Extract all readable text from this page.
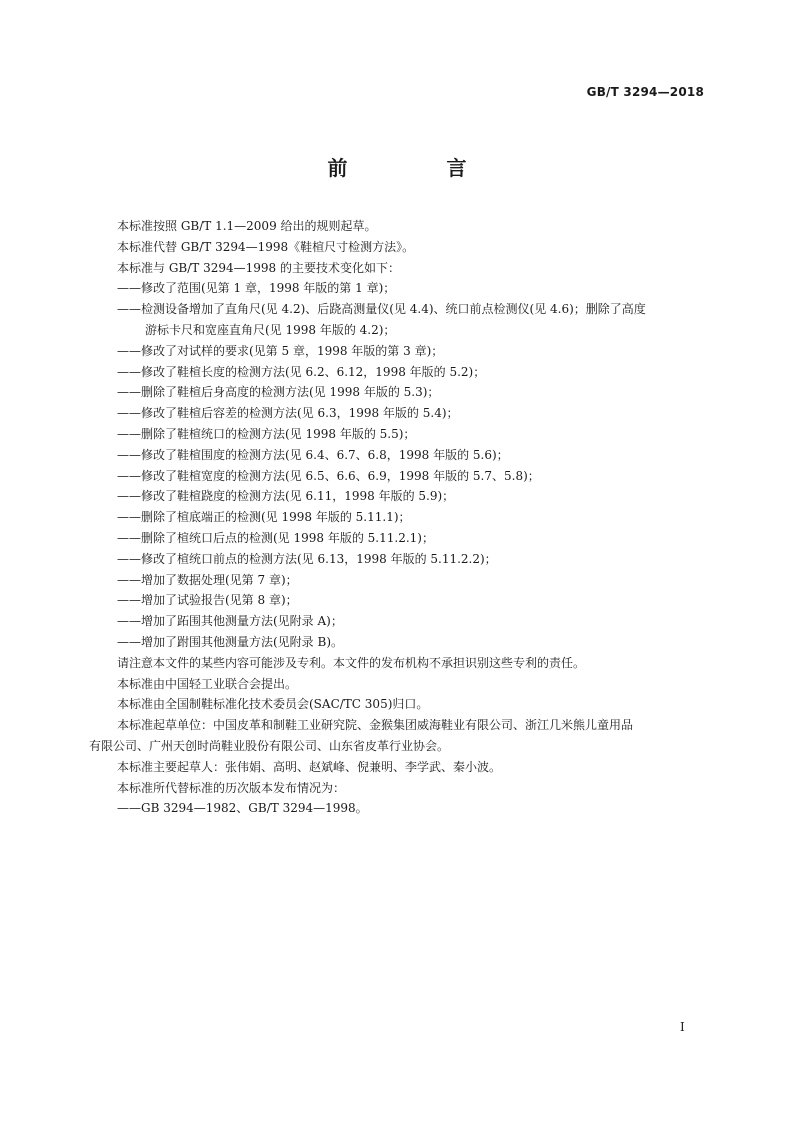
GB/T 3294—2018
前 言

本标准按照 GB/T 1.1—2009 给出的规则起草。

本标准代替 GB/T 3294—1998《鞋楦尺寸检测方法》。

本标准与 GB/T 3294—1998 的主要技术变化如下：

——修改了范围(见第 1 章，1998 年版的第 1 章)；

——检测设备增加了直角尺(见 4.2)、后跷高测量仪(见 4.4)、统口前点检测仪(见 4.6)；删除了高度

游标卡尺和宽座直角尺(见 1998 年版的 4.2)；

——修改了对试样的要求(见第 5 章，1998 年版的第 3 章)；

——修改了鞋楦长度的检测方法(见 6.2、6.12，1998 年版的 5.2)；

——删除了鞋楦后身高度的检测方法(见 1998 年版的 5.3)；

——修改了鞋楦后容差的检测方法(见 6.3，1998 年版的 5.4)；

——删除了鞋楦统口的检测方法(见 1998 年版的 5.5)；

——修改了鞋楦围度的检测方法(见 6.4、6.7、6.8，1998 年版的 5.6)；

——修改了鞋楦宽度的检测方法(见 6.5、6.6、6.9，1998 年版的 5.7、5.8)；

——修改了鞋楦跷度的检测方法(见 6.11，1998 年版的 5.9)；

——删除了楦底端正的检测(见 1998 年版的 5.11.1)；

——删除了楦统口后点的检测(见 1998 年版的 5.11.2.1)；

——修改了楦统口前点的检测方法(见 6.13，1998 年版的 5.11.2.2)；

——增加了数据处理(见第 7 章)；

——增加了试验报告(见第 8 章)；

——增加了跖围其他测量方法(见附录 A)；

——增加了跗围其他测量方法(见附录 B)。

请注意本文件的某些内容可能涉及专利。本文件的发布机构不承担识别这些专利的责任。

本标准由中国轻工业联合会提出。

本标准由全国制鞋标准化技术委员会(SAC/TC 305)归口。

本标准起草单位：中国皮革和制鞋工业研究院、金猴集团威海鞋业有限公司、浙江几米熊儿童用品

有限公司、广州天创时尚鞋业股份有限公司、山东省皮革行业协会。

本标准主要起草人：张伟娟、高明、赵斌峰、倪兼明、李学武、秦小波。

本标准所代替标准的历次版本发布情况为：

——GB 3294—1982、GB/T 3294—1998。

I
